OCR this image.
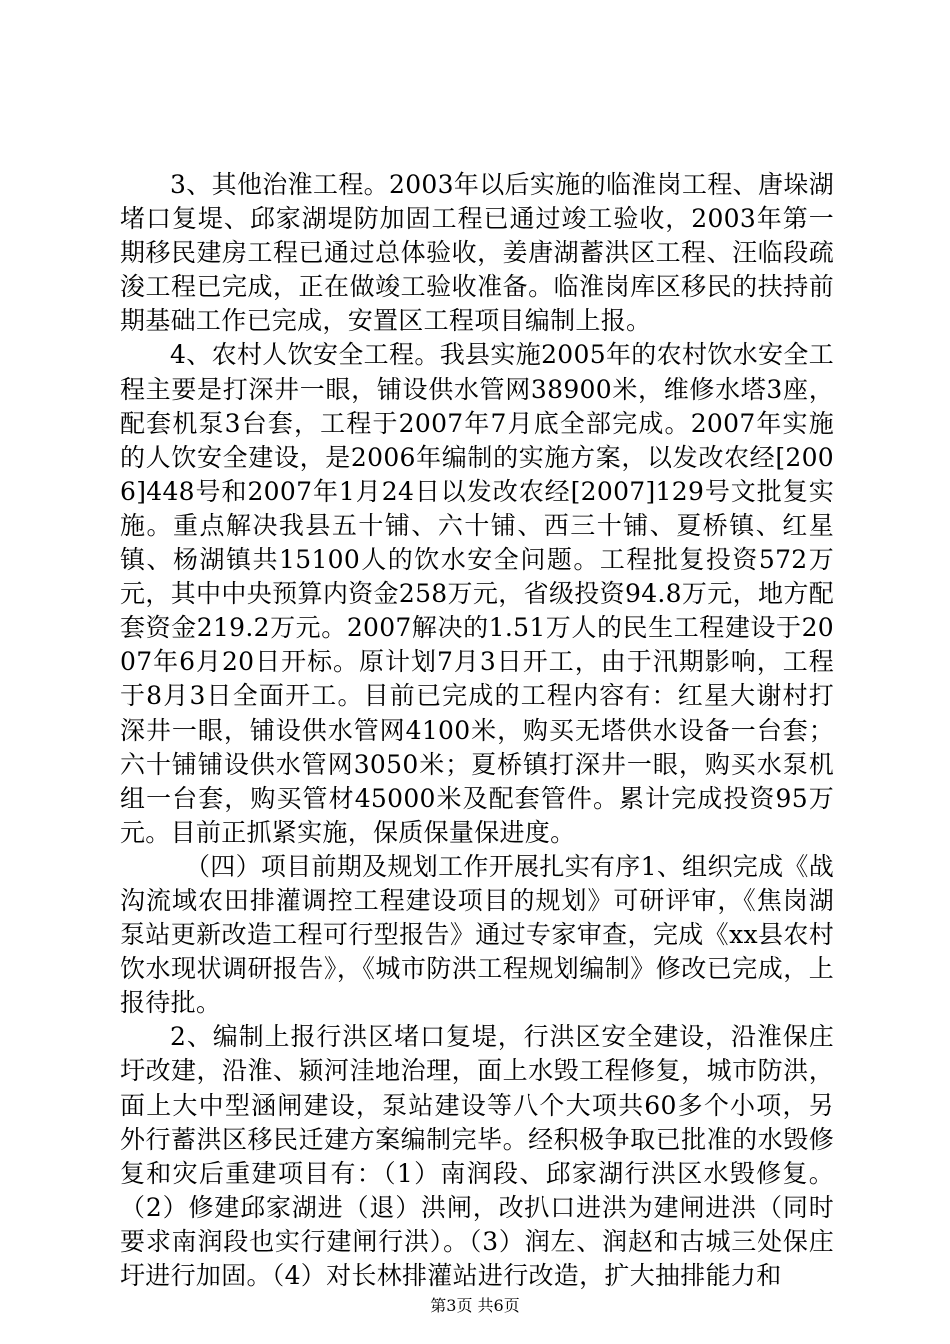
3、其他治淮工程。2003年以后实施的临淮岗工程、唐垛湖堵口复堤、邱家湖堤防加固工程已通过竣工验收，2003年第一期移民建房工程已通过总体验收，姜唐湖蓄洪区工程、汪临段疏浚工程已完成，正在做竣工验收准备。临淮岗库区移民的扶持前期基础工作已完成，安置区工程项目编制上报。

4、农村人饮安全工程。我县实施2005年的农村饮水安全工程主要是打深井一眼，铺设供水管网38900米，维修水塔3座，配套机泵3台套，工程于2007年7月底全部完成。2007年实施的人饮安全建设，是2006年编制的实施方案，以发改农经[2006]448号和2007年1月24日以发改农经[2007]129号文批复实施。重点解决我县五十铺、六十铺、西三十铺、夏桥镇、红星镇、杨湖镇共15100人的饮水安全问题。工程批复投资572万元，其中中央预算内资金258万元，省级投资94.8万元，地方配套资金219.2万元。2007解决的1.51万人的民生工程建设于2007年6月20日开标。原计划7月3日开工，由于汛期影响，工程于8月3日全面开工。目前已完成的工程内容有：红星大谢村打深井一眼，铺设供水管网4100米，购买无塔供水设备一台套；六十铺铺设供水管网3050米；夏桥镇打深井一眼，购买水泵机组一台套，购买管材45000米及配套管件。累计完成投资95万元。目前正抓紧实施，保质保量保进度。

（四）项目前期及规划工作开展扎实有序1、组织完成《战沟流域农田排灌调控工程建设项目的规划》可研评审，《焦岗湖泵站更新改造工程可行型报告》通过专家审查，完成《xx县农村饮水现状调研报告》，《城市防洪工程规划编制》修改已完成，上报待批。

2、编制上报行洪区堵口复堤，行洪区安全建设，沿淮保庄圩改建，沿淮、颍河洼地治理，面上水毁工程修复，城市防洪，面上大中型涵闸建设，泵站建设等八个大项共60多个小项，另外行蓄洪区移民迁建方案编制完毕。经积极争取已批准的水毁修复和灾后重建项目有：（1）南润段、邱家湖行洪区水毁修复。（2）修建邱家湖进（退）洪闸，改扒口进洪为建闸进洪（同时要求南润段也实行建闸行洪）。（3）润左、润赵和古城三处保庄圩进行加固。（4）对长林排灌站进行改造，扩大抽排能力和

第3页 共6页
